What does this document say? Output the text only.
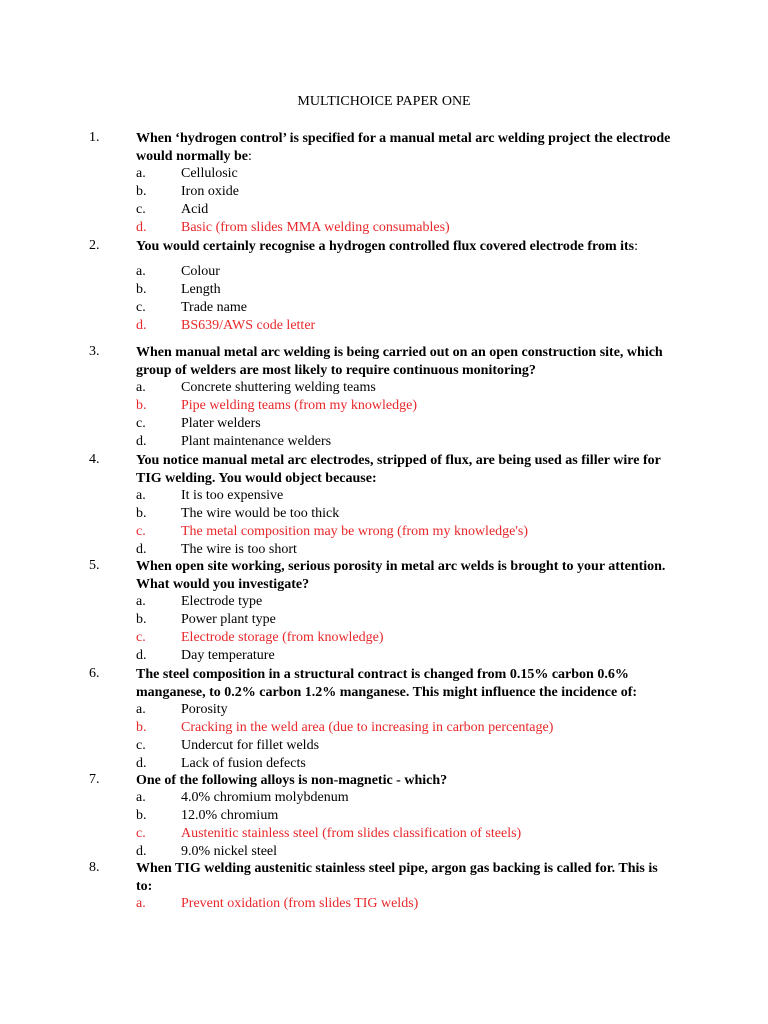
MULTICHOICE PAPER ONE
1.	When ‘hydrogen control’ is specified for a manual metal arc welding project the electrode would normally be:
a.	Cellulosic
b. Iron oxide
c.	Acid
d. Basic (from slides MMA welding consumables)
2.	You would certainly recognise a hydrogen controlled flux covered electrode from its:
a.	Colour
b. Length
c.	Trade name
d. BS639/AWS code letter
3.	When manual metal arc welding is being carried out on an open construction site, which group of welders are most likely to require continuous monitoring?
a.	Concrete shuttering welding teams
b. Pipe welding teams (from my knowledge)
c.	Plater welders
d. Plant maintenance welders
4.	You notice manual metal arc electrodes, stripped of flux, are being used as filler wire for TIG welding. You would object because:
a.	It is too expensive
b. The wire would be too thick
c.	The metal composition may be wrong (from my knowledge's)
d. The wire is too short
5.	When open site working, serious porosity in metal arc welds is brought to your attention. What would you investigate?
a.	Electrode type
b. Power plant type
c.	Electrode storage (from knowledge)
d. Day temperature
6.	The steel composition in a structural contract is changed from 0.15% carbon 0.6% manganese, to 0.2% carbon 1.2% manganese. This might influence the incidence of:
a.	Porosity
b. Cracking in the weld area (due to increasing in carbon percentage)
c.	Undercut for fillet welds
d. Lack of fusion defects
7.	One of the following alloys is non-magnetic - which?
a.	4.0% chromium molybdenum
b. 12.0% chromium
c.	Austenitic stainless steel (from slides classification of steels)
d. 9.0% nickel steel
8.	When TIG welding austenitic stainless steel pipe, argon gas backing is called for. This is to:
a.	Prevent oxidation (from slides TIG welds)
